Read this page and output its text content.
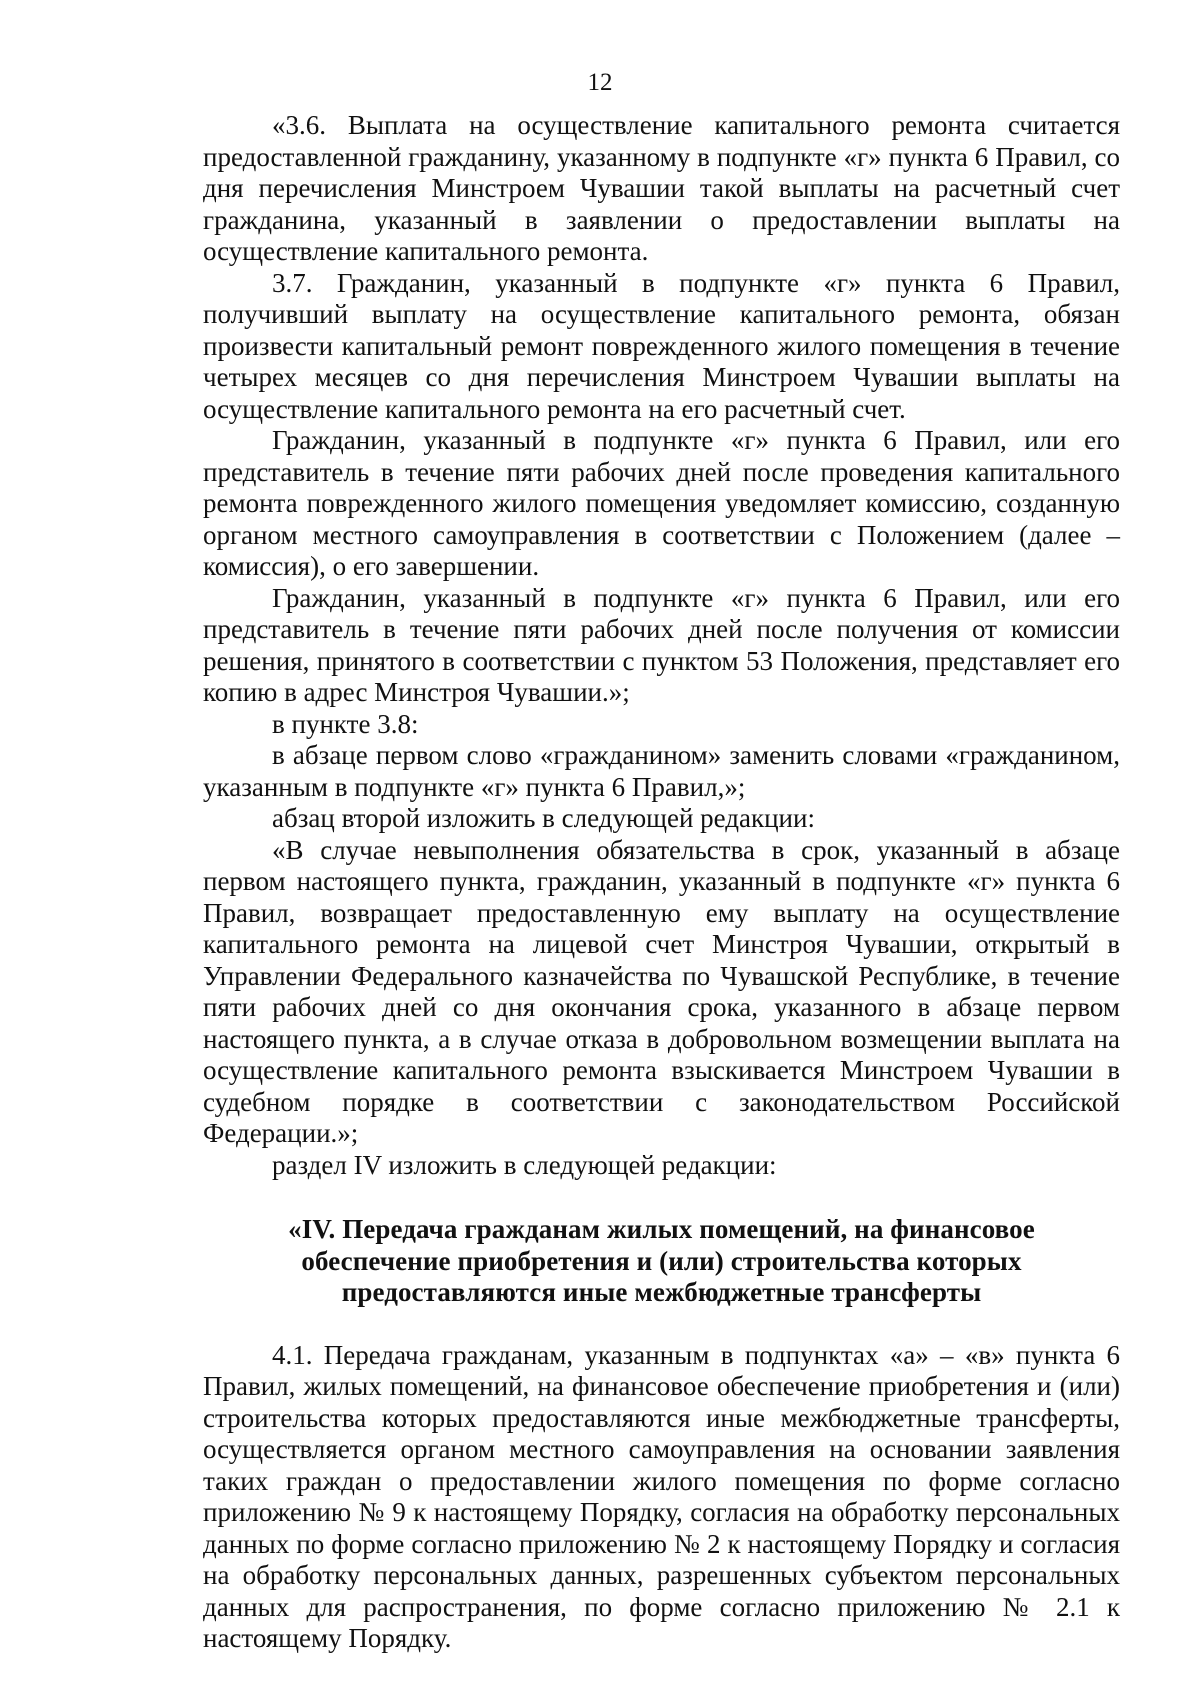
12

«3.6. Выплата на осуществление капитального ремонта считается предоставленной гражданину, указанному в подпункте «г» пункта 6 Правил, со дня перечисления Минстроем Чувашии такой выплаты на расчетный счет гражданина, указанный в заявлении о предоставлении выплаты на осуществление капитального ремонта.

3.7. Гражданин, указанный в подпункте «г» пункта 6 Правил, получивший выплату на осуществление капитального ремонта, обязан произвести капитальный ремонт поврежденного жилого помещения в течение четырех месяцев со дня перечисления Минстроем Чувашии выплаты на осуществление капитального ремонта на его расчетный счет.

Гражданин, указанный в подпункте «г» пункта 6 Правил, или его представитель в течение пяти рабочих дней после проведения капитального ремонта поврежденного жилого помещения уведомляет комиссию, созданную органом местного самоуправления в соответствии с Положением (далее – комиссия), о его завершении.

Гражданин, указанный в подпункте «г» пункта 6 Правил, или его представитель в течение пяти рабочих дней после получения от комиссии решения, принятого в соответствии с пунктом 53 Положения, представляет его копию в адрес Минстроя Чувашии.»;

в пункте 3.8:

в абзаце первом слово «гражданином» заменить словами «гражданином, указанным в подпункте «г» пункта 6 Правил,»;

абзац второй изложить в следующей редакции:

«В случае невыполнения обязательства в срок, указанный в абзаце первом настоящего пункта, гражданин, указанный в подпункте «г» пункта 6 Правил, возвращает предоставленную ему выплату на осуществление капитального ремонта на лицевой счет Минстроя Чувашии, открытый в Управлении Федерального казначейства по Чувашской Республике, в течение пяти рабочих дней со дня окончания срока, указанного в абзаце первом настоящего пункта, а в случае отказа в добровольном возмещении выплата на осуществление капитального ремонта взыскивается Минстроем Чувашии в судебном порядке в соответствии с законодательством Российской Федерации.»;

раздел IV изложить в следующей редакции:

«IV. Передача гражданам жилых помещений, на финансовое
обеспечение приобретения и (или) строительства которых
предоставляются иные межбюджетные трансферты

4.1. Передача гражданам, указанным в подпунктах «а» – «в» пункта 6 Правил, жилых помещений, на финансовое обеспечение приобретения и (или) строительства которых предоставляются иные межбюджетные трансферты, осуществляется органом местного самоуправления на основании заявления таких граждан о предоставлении жилого помещения по форме согласно приложению № 9 к настоящему Порядку, согласия на обработку персональных данных по форме согласно приложению № 2 к настоящему Порядку и согласия на обработку персональных данных, разрешенных субъектом персональных данных для распространения, по форме согласно приложению № 2.1 к настоящему Порядку.
